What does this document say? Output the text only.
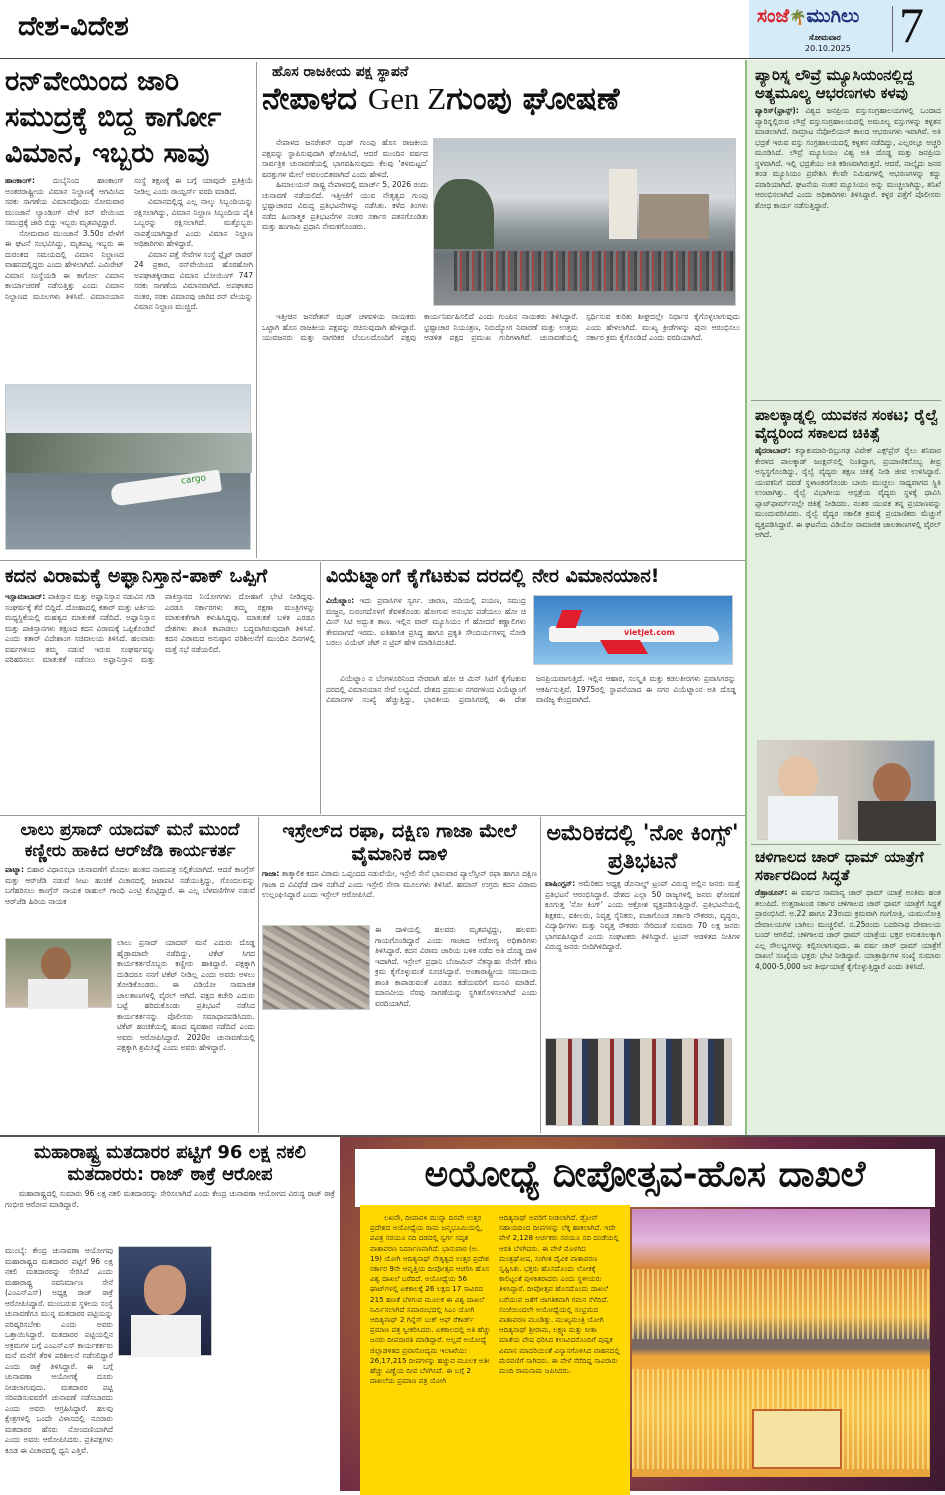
ದೇಶ-ವಿದೇಶ	ಸಂಜೆ🌴ಮುಗಿಲು
ಸೋಮವಾರ
20.10.2025 7
ರನ್‌ವೇಯಿಂದ ಜಾರಿ ಸಮುದ್ರಕ್ಕೆ ಬಿದ್ದ ಕಾರ್ಗೋ ವಿಮಾನ, ಇಬ್ಬರು ಸಾವು

ಹಾಂಕಾಂಗ್: ದುಬೈನಿಂದ ಹಾಂಕಾಂಗ್ ಅಂತರರಾಷ್ಟ್ರೀಯ ವಿಮಾನ ನಿಲ್ದಾಣಕ್ಕೆ ಆಗಮಿಸಿದ ಸರಕು ಸಾಗಣೆಯ ವಿಮಾನವೊಂದು ಸೋಮವಾರ ಮುಂಜಾನೆ ಲ್ಯಾಂಡಿಂಗ್ ವೇಳೆ ರನ್ ವೇಯಿಂದ ಸಮುದ್ರಕ್ಕೆ ಜಾರಿ ಬಿದ್ದು ಇಬ್ಬರು ಮೃತಪಟ್ಟಿದ್ದಾರೆ.

ಸೋಮವಾರ ಮುಂಜಾನೆ 3.50ರ ವೇಳೆಗೆ ಈ ಘಟನೆ ಸಂಭವಿಸಿದ್ದು, ಮೃತಪಟ್ಟ ಇಬ್ಬರು ಈ ದುರಂತದ ಸಮಯದಲ್ಲಿ ವಿಮಾನ ನಿಲ್ದಾಣದ ವಾಹನದಲ್ಲಿದ್ದರು ಎಂದು ಹೇಳಲಾಗಿದೆ. ಎಮಿರೇಟ್ ವಿಮಾನ ಸಂಸ್ಥೆಯಡಿ ಈ ಕಾರ್ಗೋ ವಿಮಾನ ಕಾರ್ಯಾಚರಣೆ ನಡೆಸುತ್ತಿತ್ತು ಎಂದು ವಿಮಾನ ನಿಲ್ದಾಣದ ಮೂಲಗಳು ತಿಳಿಸಿವೆ. ವಿಮಾನಯಾನ ಸಂಸ್ಥೆ ತಕ್ಷಣಕ್ಕೆ ಈ ಬಗ್ಗೆ ಯಾವುದೇ ಪ್ರತಿಕ್ರಿಯೆ ನೀಡಿಲ್ಲ ಎಂದು ರಾಯ್ಟರ್ಸ್ ವರದಿ ಮಾಡಿದೆ.

ವಿಮಾನದಲ್ಲಿದ್ದ ಎಲ್ಲ ನಾಲ್ಕು ಸಿಬ್ಬಂದಿಯನ್ನು ರಕ್ಷಿಸಲಾಗಿದ್ದು, ವಿಮಾನ ನಿಲ್ದಾಣ ಸಿಬ್ಬಂದಿಯ ಪೈಕಿ ಒಬ್ಬರನ್ನು ರಕ್ಷಿಸಲಾಗಿದೆ. ಮತ್ತೊಬ್ಬರು ನಾಪತ್ತೆಯಾಗಿದ್ದಾರೆ ಎಂದು ವಿಮಾನ ನಿಲ್ದಾಣ ಅಧಿಕಾರಿಗಳು ಹೇಳಿದ್ದಾರೆ.

ವಿಮಾನ ಪತ್ತೆ ಸೇವೆಗಳ ಸಂಸ್ಥೆ ಫ್ಲೈಟ್ ರಾಡರ್ 24 ಪ್ರಕಾರ, ರನ್‌ವೇಯಿಂದ ಹೊರಹೋಗಿ ಅಪಘಾತಕ್ಕೀಡಾದ ವಿಮಾನ ಬೋಯಿಂಗ್ 747 ಸರಕು ಸಾಗಣೆಯ ವಿಮಾನವಾಗಿದೆ. ಅಪಘಾತದ ನಂತರ, ಸರಕು ವಿಮಾನವು ಜಾರಿದ ರನ್ ವೇಯನ್ನು ವಿಮಾನ ನಿಲ್ದಾಣ ಮುಚ್ಚಿದೆ.

cargo
ಹೊಸ ರಾಜಕೀಯ ಪಕ್ಷ ಸ್ಥಾಪನೆ
ನೇಪಾಳದ Gen Zಗುಂಪು ಘೋಷಣೆ

ನೇಪಾಳದ ಜನರೇಶನ್ ಝಡ್ ಗುಂಪು ಹೊಸ ರಾಜಕೀಯ ಪಕ್ಷವನ್ನು ಸ್ಥಾಪಿಸುವುದಾಗಿ ಘೋಷಿಸಿದೆ, ಆದರೆ ಮುಂದಿನ ವರ್ಷದ ಸಾರ್ವತ್ರಿಕ ಚುನಾವಣೆಯಲ್ಲಿ ಭಾಗವಹಿಸುವುದು ಕೆಲವು 'ತಳಮಟ್ಟದ' ಷರತ್ತುಗಳ ಮೇಲೆ ಅವಲಂಬಿತವಾಗಿದೆ ಎಂದು ಹೇಳಿದೆ.

ಹಿಮಾಲಯನ್ ರಾಷ್ಟ್ರ ನೇಪಾಳದಲ್ಲಿ ಮಾರ್ಚ್ 5, 2026 ರಂದು ಚುನಾವಣೆ ನಡೆಯಲಿದೆ. ಇತ್ತೀಚೆಗೆ ಯುವ ನೇತೃತ್ವದ ಗುಂಪು ಭ್ರಷ್ಟಾಚಾರದ ವಿರುದ್ಧ ಪ್ರತಿಭಟನೆಗಳನ್ನು ನಡೆಸಿತು. ಕಳೆದ ತಿಂಗಳು ನಡೆದ ಹಿಂಸಾತ್ಮಕ ಪ್ರತಿಭಟನೆಗಳ ನಂತರ ಸರ್ಕಾರ ಪತನಗೊಂಡಿತು ಮತ್ತು ಹಂಗಾಮಿ ಪ್ರಧಾನಿ ನೇಮಕಗೊಂಡರು.

ಇತ್ತೀಚಿನ ಜನರೇಶನ್ ಝಡ್ ಚಳವಳಿಯ ನಾಯಕರು ಒಟ್ಟಾಗಿ ಹೊಸ ರಾಜಕೀಯ ಪಕ್ಷವನ್ನು ರಚಿಸುವುದಾಗಿ ಹೇಳಿದ್ದಾರೆ. ಯುವಜನರು ಮತ್ತು ನಾಗರಿಕರ ಬೆಂಬಲದೊಂದಿಗೆ ಪಕ್ಷವು ಕಾರ್ಯನಿರ್ವಹಿಸಲಿದೆ ಎಂದು ಗುಂಪಿನ ನಾಯಕರು ತಿಳಿಸಿದ್ದಾರೆ. ಭ್ರಷ್ಟಾಚಾರ ನಿಯಂತ್ರಣ, ನಿರುದ್ಯೋಗ ನಿವಾರಣೆ ಮತ್ತು ಉತ್ತಮ ಆಡಳಿತ ಪಕ್ಷದ ಪ್ರಮುಖ ಗುರಿಗಳಾಗಿವೆ. ಚುನಾವಣೆಯಲ್ಲಿ ಸ್ಪರ್ಧಿಸುವ ಕುರಿತು ಶೀಘ್ರದಲ್ಲೇ ನಿರ್ಧಾರ ಕೈಗೊಳ್ಳಲಾಗುವುದು ಎಂದು ಹೇಳಲಾಗಿದೆ. ಮುಖ್ಯ ಕ್ರೀಡೆಗಳನ್ನು ಪುನಃ ಆರಂಭಿಸಲು ಸರ್ಕಾರ ಕ್ರಮ ಕೈಗೊಂಡಿದೆ ಎಂದು ವರದಿಯಾಗಿದೆ.

ಪ್ಯಾರಿಸ್ನ ಲೌವ್ರೆ ಮ್ಯೂಸಿಯಂನಲ್ಲಿದ್ದ ಅತ್ಯಮೂಲ್ಯ ಆಭರಣಗಳು ಕಳವು
ಪ್ಯಾರಿಸ್(ಫ್ರಾನ್ಸ್): ವಿಶ್ವದ ಜನಪ್ರಿಯ ವಸ್ತುಸಂಗ್ರಹಾಲಯಗಳಲ್ಲಿ ಒಂದಾದ ಪ್ಯಾರಿಸ್ನಲ್ಲಿರುವ ಲೌವ್ರೆ ವಸ್ತುಸಂಗ್ರಹಾಲಯದಲ್ಲಿ ಅಮೂಲ್ಯ ವಸ್ತುಗಳನ್ನು ಕಳ್ಳತನ ಮಾಡಲಾಗಿದೆ. ಸಾಮ್ರಾಟ ನೆಪೋಲಿಯನ್ ಕಾಲದ ಆಭರಣಗಳು ಇವಾಗಿವೆ. ಅತಿ ಭದ್ರತೆ ಇರುವ ವಸ್ತು ಸಂಗ್ರಹಾಲಯದಲ್ಲಿ ಕಳ್ಳತನ ನಡೆದಿದ್ದು, ಎಲ್ಲರಲ್ಲೂ ಅಚ್ಚರಿ ಮೂಡಿಸಿದೆ. ಲೌವ್ರೆ ಮ್ಯೂಸಿಯಂ ವಿಶ್ವ ಅತಿ ದೊಡ್ಡ ಮತ್ತು ಜನಪ್ರಿಯ ಸ್ಥಳವಾಗಿದೆ. ಇಲ್ಲಿ ಭದ್ರತೆಯು ಅತಿ ಕಠಿಣವಾಗಿರುತ್ತದೆ. ಆದರೆ, ನಾಲ್ಕೈದು ಜನರ ತಂಡ ಮ್ಯೂಸಿಯಂ ಪ್ರವೇಶಿಸಿ ಕೆಲವೇ ನಿಮಿಷಗಳಲ್ಲಿ ಆಭರಣಗಳನ್ನು ಕದ್ದು ಪರಾರಿಯಾಗಿದೆ. ಘಟನೆಯ ನಂತರ ಮ್ಯೂಸಿಯಂ ಅನ್ನು ಮುಚ್ಚಲಾಗಿದ್ದು, ತನಿಖೆ ಆರಂಭಿಸಲಾಗಿದೆ ಎಂದು ಅಧಿಕಾರಿಗಳು ತಿಳಿಸಿದ್ದಾರೆ. ಕಳ್ಳರ ಪತ್ತೆಗೆ ಪೊಲೀಸರು ಶೋಧ ಕಾರ್ಯ ನಡೆಸುತ್ತಿದ್ದಾರೆ.
ಪಾಲಕ್ಕಾಡ್ನಲ್ಲಿ ಯುವಕನ ಸಂಕಟ; ರೈಲ್ವೆ ವೈದ್ಯರಿಂದ ಸಕಾಲದ ಚಿಕಿತ್ಸೆ
ಹೈದರಾಬಾದ್: ಕನ್ಯಾಕುಮಾರಿ-ದಿಬ್ರುಗಢ ವಿವೇಕ್ ಎಕ್ಸ್‌ಪ್ರೆಸ್ ರೈಲು ಶನಿವಾರ ಕೇರಳದ ಪಾಲಕ್ಕಾಡ್ ಜಂಕ್ಷನ್‌ನಲ್ಲಿ ನಿಂತಿದ್ದಾಗ, ಪ್ರಯಾಣಿಕನೊಬ್ಬ ತೀವ್ರ ಅಸ್ವಸ್ಥಗೊಂಡಿದ್ದು, ರೈಲ್ವೆ ವೈದ್ಯರು ತಕ್ಷಣ ಚಿಕಿತ್ಸೆ ನೀಡಿ ಜೀವ ಉಳಿಸಿದ್ದಾರೆ. ಯುವಕನಿಗೆ ದವಡೆ ಸ್ಥಳಾಂತರಗೊಂಡು ಬಾಯಿ ಮುಚ್ಚಲು ಸಾಧ್ಯವಾಗದ ಸ್ಥಿತಿ ಉಂಟಾಗಿತ್ತು. ರೈಲ್ವೆ ವಿಭಾಗೀಯ ಆಸ್ಪತ್ರೆಯ ವೈದ್ಯರು ಸ್ಥಳಕ್ಕೆ ಧಾವಿಸಿ ಪ್ಲಾಟ್‌ಫಾರ್ಮ್‌ನಲ್ಲೇ ಚಿಕಿತ್ಸೆ ನೀಡಿದರು. ನಂತರ ಯುವಕ ತನ್ನ ಪ್ರಯಾಣವನ್ನು ಮುಂದುವರಿಸಿದರು. ರೈಲ್ವೆ ವೈದ್ಯರ ಸಕಾಲಿಕ ಕ್ರಮಕ್ಕೆ ಪ್ರಯಾಣಿಕರು ಮೆಚ್ಚುಗೆ ವ್ಯಕ್ತಪಡಿಸಿದ್ದಾರೆ. ಈ ಘಟನೆಯ ವಿಡಿಯೋ ಸಾಮಾಜಿಕ ಜಾಲತಾಣಗಳಲ್ಲಿ ವೈರಲ್ ಆಗಿದೆ.
ಚಳಿಗಾಲದ ಚಾರ್ ಧಾಮ್ ಯಾತ್ರೆಗೆ ಸರ್ಕಾರದಿಂದ ಸಿದ್ಧತೆ
ಡೆಹ್ರಾಡೂನ್: ಈ ವರ್ಷದ ಸಾಮಾನ್ಯ ಚಾರ್ ಧಾಮ್ ಯಾತ್ರೆ ಅಂತಿಮ ಹಂತ ತಲುಪಿದೆ. ಉತ್ತರಾಖಂಡ ಸರ್ಕಾರ ಚಳಿಗಾಲದ ಚಾರ್ ಧಾಮ್ ಯಾತ್ರೆಗೆ ಸಿದ್ಧತೆ ಪ್ರಾರಂಭಿಸಿದೆ. ಅ.22 ಹಾಗೂ 23ರಂದು ಕ್ರಮವಾಗಿ ಗಂಗೋತ್ರಿ, ಯಮುನೋತ್ರಿ ದೇವಾಲಯಗಳ ಬಾಗಿಲು ಮುಚ್ಚಲಿವೆ. ನ.25ರಂದು ಬದರಿನಾಥ ದೇವಾಲಯ ಬಂದ್ ಆಗಲಿದೆ. ಚಳಿಗಾಲದ ಚಾರ್ ಧಾಮ್ ಯಾತ್ರೆಯ ಭಕ್ತರ ಅನುಕೂಲಕ್ಕಾಗಿ ಎಲ್ಲ ಸೌಲಭ್ಯಗಳನ್ನು ಕಲ್ಪಿಸಲಾಗುವುದು. ಈ ವರ್ಷ ಚಾರ್ ಧಾಮ್ ಯಾತ್ರೆಗೆ ದಾಖಲೆ ಸಂಖ್ಯೆಯ ಭಕ್ತರು ಭೇಟಿ ನೀಡಿದ್ದಾರೆ. ಯಾತ್ರಾರ್ಥಿಗಳ ಸಂಖ್ಯೆ ಸುಮಾರು 4,000-5,000 ಜನ ತೀರ್ಥಯಾತ್ರೆ ಕೈಗೊಳ್ಳುತ್ತಿದ್ದಾರೆ ಎಂದು ತಿಳಿಸಿದೆ.
ಕದನ ವಿರಾಮಕ್ಕೆ ಅಫ್ಘಾನಿಸ್ತಾನ-ಪಾಕ್ ಒಪ್ಪಿಗೆ
ಇಸ್ಲಾಮಾಬಾದ್: ಪಾಕಿಸ್ತಾನ ಮತ್ತು ಅಫ್ಘಾನಿಸ್ತಾನ ನಡುವಿನ ಗಡಿ ಸಂಘರ್ಷಕ್ಕೆ ತೆರೆ ಬಿದ್ದಿದೆ. ದೋಹಾದಲ್ಲಿ ಕತಾರ್ ಮತ್ತು ಟರ್ಕಿಯ ಮಧ್ಯಸ್ಥಿಕೆಯಲ್ಲಿ ಮಹತ್ವದ ಮಾತುಕತೆ ನಡೆದಿದೆ. ಅಫ್ಘಾನಿಸ್ತಾನ ಮತ್ತು ಪಾಕಿಸ್ತಾನಗಳು ತಕ್ಷಣದ ಕದನ ವಿರಾಮಕ್ಕೆ ಒಪ್ಪಿಕೊಂಡಿವೆ ಎಂದು ಕತಾರ್ ವಿದೇಶಾಂಗ ಸಚಿವಾಲಯ ತಿಳಿಸಿದೆ. ಹಲವಾರು ವರ್ಷಗಳಿಂದ ತಮ್ಮ ನಡುವೆ ಇರುವ ಸಂಘರ್ಷವನ್ನು ಪರಿಹರಿಸಲು ಮಾತುಕತೆ ನಡೆಸಲು ಅಫ್ಘಾನಿಸ್ತಾನ ಮತ್ತು ಪಾಕಿಸ್ತಾನದ ನಿಯೋಗಗಳು ದೋಹಾಗೆ ಭೇಟಿ ನೀಡಿದ್ದವು. ಎರಡೂ ಸರ್ಕಾರಗಳು ತಮ್ಮ ರಕ್ಷಣಾ ಮಂತ್ರಿಗಳನ್ನು ಮಾತುಕತೆಗಾಗಿ ಕಳುಹಿಸಿದ್ದವು. ಮಾತುಕತೆ ಬಳಿಕ ಎರಡೂ ದೇಶಗಳು ಶಾಂತಿ ಕಾಪಾಡಲು ಬದ್ಧವಾಗಿರುವುದಾಗಿ ತಿಳಿಸಿವೆ. ಕದನ ವಿರಾಮದ ಅನುಷ್ಠಾನ ಪರಿಶೀಲನೆಗೆ ಮುಂದಿನ ದಿನಗಳಲ್ಲಿ ಮತ್ತೆ ಸಭೆ ನಡೆಯಲಿದೆ.
ವಿಯೆಟ್ನಾಂಗೆ ಕೈಗೆಟಕುವ ದರದಲ್ಲಿ ನೇರ ವಿಮಾನಯಾನ!
ವಿಯೆಟ್ನಾಂ: ಇದು ಪ್ರವಾಸಿಗಳ ಸ್ವರ್ಗ. ಚಾರಣ, ನದಿಯಲ್ಲಿ ಪಯಣ, ಸಮುದ್ರ ಮಜ್ಜನ, ಸುರಂಗದೊಳಗೆ ತೆವಳಿಕೊಂಡು ಹೋಗುವ ಅನುಭವ ಪಡೆಯಲು ಹೋ ಚಿ ಮಿನ್ ಸಿಟಿ ಅದ್ಭುತ ತಾಣ. ಇಲ್ಲಿನ ವಾರ್ ಮ್ಯೂಸಿಯಂ ಗೆ ಹೋದರೆ ಕಣ್ಣಾಲಿಗಳು ತೇವವಾಗದೆ ಇರದು. ಐತಿಹಾಸಿಕ ಪ್ರಸಿದ್ಧ ಹಾಗೂ ಪ್ರಕೃತಿ ಸೌಂದರ್ಯಗಳನ್ನ ನೋಡಿ ಬರಲು ವಿಯೆಟ್ ಜೆಟ್ ನ ಟ್ರಿಪ್ ಹೇಳಿ ಮಾಡಿಸಿದಂತಿದೆ.
vietjet.com

ವಿಯೆಟ್ನಾಂ ನ ಬೆಂಗಳೂರಿನಿಂದ ನೇರವಾಗಿ ಹೋ ಚಿ ಮಿನ್ ಸಿಟಿಗೆ ಕೈಗೆಟಕುವ ದರದಲ್ಲಿ ವಿಮಾನಯಾನ ಸೇವೆ ಲಭ್ಯವಿದೆ. ದೇಶದ ಪ್ರಮುಖ ನಗರಗಳಿಂದ ವಿಯೆಟ್ನಾಂಗೆ ವಿಮಾನಗಳ ಸಂಖ್ಯೆ ಹೆಚ್ಚುತ್ತಿದ್ದು, ಭಾರತೀಯ ಪ್ರವಾಸಿಗರಲ್ಲಿ ಈ ದೇಶ ಜನಪ್ರಿಯವಾಗುತ್ತಿದೆ. ಇಲ್ಲಿನ ಆಹಾರ, ಸಂಸ್ಕೃತಿ ಮತ್ತು ಕಡಲತೀರಗಳು ಪ್ರವಾಸಿಗರನ್ನು ಆಕರ್ಷಿಸುತ್ತಿವೆ. 1975ರಲ್ಲಿ ಸ್ಥಾಪನೆಯಾದ ಈ ನಗರ ವಿಯೆಟ್ನಾಂನ ಅತಿ ದೊಡ್ಡ ವಾಣಿಜ್ಯ ಕೇಂದ್ರವಾಗಿದೆ.

ಲಾಲು ಪ್ರಸಾದ್ ಯಾದವ್ ಮನೆ ಮುಂದೆ ಕಣ್ಣೀರು ಹಾಕಿದ ಆರ್‌ಜೆಡಿ ಕಾರ್ಯಕರ್ತ
ಪಾಟ್ನಾ: ಬಿಹಾರ ವಿಧಾನಸಭಾ ಚುನಾವಣೆಗೆ ಮೊದಲ ಹಂತದ ನಾಮಪತ್ರ ಸಲ್ಲಿಕೆಯಾಗಿದೆ. ಆದರೆ ಕಾಂಗ್ರೆಸ್ ಮತ್ತು ಆರ್‌ಜೆಡಿ ನಡುವೆ ಸೀಟು ಹಂಚಿಕೆ ವಿಚಾರದಲ್ಲಿ ಜಟಾಪಟಿ ನಡೆಯುತ್ತಿದ್ದು, ಗೊಂದಲವನ್ನು ಬಗೆಹರಿಸಲು ಕಾಂಗ್ರೆಸ್ ನಾಯಕ ರಾಹುಲ್ ಗಾಂಧಿ ಎಂಟ್ರಿ ಕೊಟ್ಟಿದ್ದಾರೆ. ಈ ಎಲ್ಲ ಬೆಳವಣಿಗೆಗಳ ನಡುವೆ ಆರ್‌ಜೆಡಿ ಹಿರಿಯ ನಾಯಕ
ಲಾಲು ಪ್ರಸಾದ್ ಯಾದವ್ ಮನೆ ಎದುರು ದೊಡ್ಡ ಹೈಡ್ರಾಮಾವೇ ನಡೆದಿದ್ದು, ಟಿಕೆಟ್ ಸಿಗದ ಕಾರ್ಯಕರ್ತರೊಬ್ಬರು ಕಣ್ಣೀರು ಹಾಕಿದ್ದಾರೆ. ಪಕ್ಷಕ್ಕಾಗಿ ದುಡಿದರೂ ನನಗೆ ಟಿಕೆಟ್ ನೀಡಿಲ್ಲ ಎಂದು ಅವರು ಅಳಲು ತೋಡಿಕೊಂಡರು. ಈ ವಿಡಿಯೋ ಸಾಮಾಜಿಕ ಜಾಲತಾಣಗಳಲ್ಲಿ ವೈರಲ್ ಆಗಿದೆ. ಪಕ್ಷದ ಕಚೇರಿ ಎದುರು ಬಟ್ಟೆ ಹರಿದುಕೊಂಡು ಪ್ರತಿಭಟನೆ ನಡೆಸಿದ ಕಾರ್ಯಕರ್ತನನ್ನು ಪೊಲೀಸರು ಸಮಾಧಾನಪಡಿಸಿದರು. ಟಿಕೆಟ್ ಹಂಚಿಕೆಯಲ್ಲಿ ಹಣದ ವ್ಯವಹಾರ ನಡೆದಿದೆ ಎಂದು ಅವರು ಆರೋಪಿಸಿದ್ದಾರೆ. 2020ರ ಚುನಾವಣೆಯಲ್ಲಿ ಪಕ್ಷಕ್ಕಾಗಿ ಶ್ರಮಿಸಿದ್ದೆ ಎಂದು ಅವರು ಹೇಳಿದ್ದಾರೆ.
ಇಸ್ರೇಲ್‌ದ ರಫಾ, ದಕ್ಷಿಣ ಗಾಜಾ ಮೇಲೆ ವೈಮಾನಿಕ ದಾಳಿ
ಗಾಜಾ: ತಾತ್ಕಾಲಿಕ ಕದನ ವಿರಾಮ ಒಪ್ಪಂದದ ನಡುವೆಯೇ, ಇಸ್ರೇಲಿ ಸೇನೆ ಭಾನುವಾರ ಪ್ಯಾಲೆಸ್ತೀನ್ ರಫಾ ಹಾಗೂ ದಕ್ಷಿಣ ಗಾಜಾ ದ ವಿವಿಧೆಡೆ ದಾಳಿ ನಡೆಸಿದೆ ಎಂದು ಇಸ್ರೇಲಿ ಸೇನಾ ಮೂಲಗಳು ತಿಳಿಸಿವೆ. ಹಮಾಸ್ ಉಗ್ರರು ಕದನ ವಿರಾಮ ಉಲ್ಲಂಘಿಸಿದ್ದಾರೆ ಎಂದು ಇಸ್ರೇಲ್ ಆರೋಪಿಸಿದೆ.
ಈ ದಾಳಿಯಲ್ಲಿ ಹಲವರು ಮೃತಪಟ್ಟಿದ್ದು, ಹಲವರು ಗಾಯಗೊಂಡಿದ್ದಾರೆ ಎಂದು ಗಾಜಾದ ಆರೋಗ್ಯ ಅಧಿಕಾರಿಗಳು ತಿಳಿಸಿದ್ದಾರೆ. ಕದನ ವಿರಾಮ ಜಾರಿಯ ಬಳಿಕ ನಡೆದ ಅತಿ ದೊಡ್ಡ ದಾಳಿ ಇದಾಗಿದೆ. ಇಸ್ರೇಲ್ ಪ್ರಧಾನಿ ಬೆಂಜಮಿನ್ ನೆತನ್ಯಾಹು ಸೇನೆಗೆ ಕಠಿಣ ಕ್ರಮ ಕೈಗೊಳ್ಳುವಂತೆ ಸೂಚಿಸಿದ್ದಾರೆ. ಅಂತಾರಾಷ್ಟ್ರೀಯ ಸಮುದಾಯ ಶಾಂತಿ ಕಾಪಾಡುವಂತೆ ಎರಡೂ ಕಡೆಯವರಿಗೆ ಮನವಿ ಮಾಡಿದೆ. ಮಾನವೀಯ ನೆರವು ಸಾಗಣೆಯನ್ನು ಸ್ಥಗಿತಗೊಳಿಸಲಾಗಿದೆ ಎಂದು ವರದಿಯಾಗಿದೆ.
ಅಮೆರಿಕದಲ್ಲಿ 'ನೋ ಕಿಂಗ್ಸ್' ಪ್ರತಿಭಟನೆ
ವಾಷಿಂಗ್ಟನ್: ಅಮೆರಿಕದ ಅಧ್ಯಕ್ಷ ಡೊನಾಲ್ಡ್ ಟ್ರಂಪ್ ವಿರುದ್ಧ ಅಲ್ಲಿನ ಜನರು ಮತ್ತೆ ಪ್ರತಿಭಟನೆ ಆರಂಭಿಸಿದ್ದಾರೆ. ದೇಶದ ಎಲ್ಲಾ 50 ರಾಜ್ಯಗಳಲ್ಲಿ ಜನರು ಘೋಷಣೆ ಕೂಗುತ್ತ 'ನೋ ಕಿಂಗ್' ಎಂದು ಆಕ್ರೋಶ ವ್ಯಕ್ತಪಡಿಸುತ್ತಿದ್ದಾರೆ. ಪ್ರತಿಭಟನೆಯಲ್ಲಿ ಶಿಕ್ಷಕರು, ವಕೀಲರು, ನಿವೃತ್ತ ಸೈನಿಕರು, ವಜಾಗೊಂಡ ಸರ್ಕಾರಿ ನೌಕರರು, ವೃದ್ಧರು, ವಿದ್ಯಾರ್ಥಿಗಳು ಮತ್ತು ನಿವೃತ್ತ ನೌಕರರು ಸೇರಿದಂತೆ ಸುಮಾರು 70 ಲಕ್ಷ ಜನರು ಭಾಗವಹಿಸಿದ್ದಾರೆ ಎಂದು ಸಂಘಟಕರು ತಿಳಿಸಿದ್ದಾರೆ. ಟ್ರಂಪ್ ಆಡಳಿತದ ನೀತಿಗಳ ವಿರುದ್ಧ ಜನರು ಬೀದಿಗಿಳಿದಿದ್ದಾರೆ.
ಮಹಾರಾಷ್ಟ್ರ ಮತದಾರರ ಪಟ್ಟಿಗೆ 96 ಲಕ್ಷ ನಕಲಿ ಮತದಾರರು: ರಾಜ್ ಠಾಕ್ರೆ ಆರೋಪ

ಮಹಾರಾಷ್ಟ್ರದಲ್ಲಿ ಸುಮಾರು 96 ಲಕ್ಷ ನಕಲಿ ಮತದಾರರನ್ನು ಸೇರಿಸಲಾಗಿದೆ ಎಂದು ಕೇಂದ್ರ ಚುನಾವಣಾ ಆಯೋಗದ ವಿರುದ್ಧ ರಾಜ್ ಠಾಕ್ರೆ ಗಂಭೀರ ಆರೋಪ ಮಾಡಿದ್ದಾರೆ.

ಮುಂಬೈ: ಕೇಂದ್ರ ಚುನಾವಣಾ ಆಯೋಗವು ಮಹಾರಾಷ್ಟ್ರದ ಮತದಾರರ ಪಟ್ಟಿಗೆ 96 ಲಕ್ಷ ನಕಲಿ ಮತದಾರರನ್ನು ಸೇರಿಸಿದೆ ಎಂದು ಮಹಾರಾಷ್ಟ್ರ ನವನಿರ್ಮಾಣ ಸೇನೆ (ಎಂಎನ್‌ಎಸ್) ಅಧ್ಯಕ್ಷ ರಾಜ್ ಠಾಕ್ರೆ ಆರೋಪಿಸಿದ್ದಾರೆ. ಮುಂಬರುವ ಸ್ಥಳೀಯ ಸಂಸ್ಥೆ ಚುನಾವಣೆಗೂ ಮುನ್ನ ಮತದಾರರ ಪಟ್ಟಿಯನ್ನು ಪರಿಷ್ಕರಿಸಬೇಕು ಎಂದು ಅವರು ಒತ್ತಾಯಿಸಿದ್ದಾರೆ. ಮತದಾರರ ಪಟ್ಟಿಯಲ್ಲಿನ ಅಕ್ರಮಗಳ ಬಗ್ಗೆ ಎಂಎನ್‌ಎಸ್ ಕಾರ್ಯಕರ್ತರು ಮನೆ ಮನೆಗೆ ತೆರಳಿ ಪರಿಶೀಲನೆ ನಡೆಸಲಿದ್ದಾರೆ ಎಂದು ಠಾಕ್ರೆ ತಿಳಿಸಿದ್ದಾರೆ. ಈ ಬಗ್ಗೆ ಚುನಾವಣಾ ಆಯೋಗಕ್ಕೆ ದೂರು ನೀಡಲಾಗುವುದು. ಮತದಾರರ ಪಟ್ಟಿ ಸರಿಪಡಿಸುವವರೆಗೆ ಚುನಾವಣೆ ನಡೆಸಬಾರದು ಎಂದು ಅವರು ಆಗ್ರಹಿಸಿದ್ದಾರೆ. ಹಲವು ಕ್ಷೇತ್ರಗಳಲ್ಲಿ ಒಂದೇ ವಿಳಾಸದಲ್ಲಿ ನೂರಾರು ಮತದಾರರ ಹೆಸರು ನೋಂದಣಿಯಾಗಿದೆ ಎಂದು ಅವರು ಆರೋಪಿಸಿದರು. ಪ್ರತಿಪಕ್ಷಗಳು ಕೂಡ ಈ ವಿಚಾರದಲ್ಲಿ ಧ್ವನಿ ಎತ್ತಿವೆ.
ಅಯೋಧ್ಯೆ ದೀಪೋತ್ಸವ-ಹೊಸ ದಾಖಲೆ

ಲಖನೌ, ದೀಪಾವಳಿ ಮುನ್ನಾ ದಿನವೇ ಉತ್ತರ ಪ್ರದೇಶದ ಅಯೋಧ್ಯೆಯ ರಾಮ ಜನ್ಮಭೂಮಿಯಲ್ಲಿ, ಪವಿತ್ರ ಸರಯೂ ನದಿ ದಡದಲ್ಲಿ ಸ್ವರ್ಗ ಸದೃಶ ವಾತಾವರಣ ನಿರ್ಮಾಣವಾಗಿದೆ. ಭಾನುವಾರ (ಅ. 19) ಯೋಗಿ ಆದಿತ್ಯನಾಥ್ ನೇತೃತ್ವದ ಉತ್ತರ ಪ್ರದೇಶ ಸರ್ಕಾರ 9ನೇ ಆವೃತ್ತಿಯ ದೀಪೋತ್ಸವ ಆಚರಿಸಿ ಹೊಸ ವಿಶ್ವ ದಾಖಲೆ ಬರೆದಿದೆ. ಅಯೋಧ್ಯೆಯ 56 ಘಾಟ್‌ಗಳಲ್ಲಿ ಏಕಕಾಲಕ್ಕೆ 26 ಲಕ್ಷದ 17 ಸಾವಿರದ 215 ಹಣತೆ ಬೆಳಗುವ ಮೂಲಕ ಈ ವಿಶ್ವ ದಾಖಲೆ ನಿರ್ಮಿಸಲಾಗಿದೆ ಸಮಾರಂಭದಲ್ಲಿ ಸಿಎಂ ಯೋಗಿ ಆದಿತ್ಯನಾಥ್ 2 ಗಿನ್ನೆಸ್ ಬುಕ್ ಆಫ್ ರೆಕಾರ್ಡ್ ಪ್ರಮಾಣ ಪತ್ರ ಸ್ವೀಕರಿಸಿದರು. ಏಕಕಾಲದಲ್ಲಿ ಅತಿ ಹೆಚ್ಚು ಜನರು ದೀಪದಾರತಿ ಮಾಡಿದ್ದಾರೆ. ಅಲ್ಲದೆ ಅಯೋಧ್ಯೆ ಜಿಲ್ಲಾಡಳಿತದ ಪ್ರವಾಸೋದ್ಯಮ ಇಲಾಖೆಯು 26,17,215 ದೀಪಗಳನ್ನು ಹಚ್ಚುವ ಮೂಲಕ ಅತೀ ಹೆಚ್ಚು ಎಣ್ಣೆಯ ದೀಪ ಬೆಳಗಿಸಿದೆ. ಈ ಬಗ್ಗೆ 2 ದಾಖಲೆಯ ಪ್ರಮಾಣ ಪತ್ರ ಯೋಗಿ

ಆದಿತ್ಯನಾಥ್ ಅವರಿಗೆ ನೀಡಲಾಗಿದೆ. ಡ್ರೋನ್ ಸಹಾಯದಿಂದ ದೀಪಗಳನ್ನು ಲೆಕ್ಕ ಹಾಕಲಾಗಿದೆ. ಇದೇ ವೇಳೆ 2,128 ಅರ್ಚಕರು ಸರಯೂ ನದಿ ದಂಡೆಯಲ್ಲಿ ಆರತಿ ಬೆಳಗಿದರು. ಈ ವೇಳೆ ಮೊಳಗಿದ ಮಂತ್ರಘೋಷ, ಸಂಗೀತ ದೈವಿಕ ವಾತಾವರಣ ಸೃಷ್ಟಿಸಿತು. ಭಕ್ತರು ಹೊಸದೊಂದು ಲೋಕಕ್ಕೆ ಕಾಲಿಟ್ಟಂತೆ ಪುಳಕಿತರಾದರು ಎಂದು ಸ್ಥಳೀಯರು ತಿಳಿಸಿದ್ದಾರೆ. ದೀಪೋತ್ಸವ ಹೊಸದೊಂದು ದಾಖಲೆ ಬರೆಯುವ ಜತೆಗೆ ಜಾಗತಿಕವಾಗಿ ಗಮನ ಸೆಳೆದಿದೆ. ಸಂಜೆಯಿಂದಲೇ ಅಯೋಧ್ಯೆಯಲ್ಲಿ ಸಂಭ್ರಮದ ವಾತಾವರಣ ಮೂಡಿತ್ತು. ಮುಖ್ಯಮಂತ್ರಿ ಯೋಗಿ ಆದಿತ್ಯನಾಥ್ ಶ್ರೀರಾಮ, ಲಕ್ಷ್ಮಣ ಮತ್ತು ಸೀತಾ ಮಾತೆಯ ವೇಷ ಧರಿಸಿದ ಕಲಾವಿದರೊಂದಿಗೆ ಪುಷ್ಪಕ ವಿಮಾನ ಮಾದರಿಯಂತೆ ವಿನ್ಯಾಸಗೊಳಿಸಿದ ವಾಹನದಲ್ಲಿ ಮೆರವಣಿಗೆ ಸಾಗಿದರು. ಈ ವೇಳೆ ನೆರೆದಿದ್ದ ಸಾವಿರಾರು ಮಂದಿ ರಾಮನಾಮ ಜಪಿಸಿದರು.
